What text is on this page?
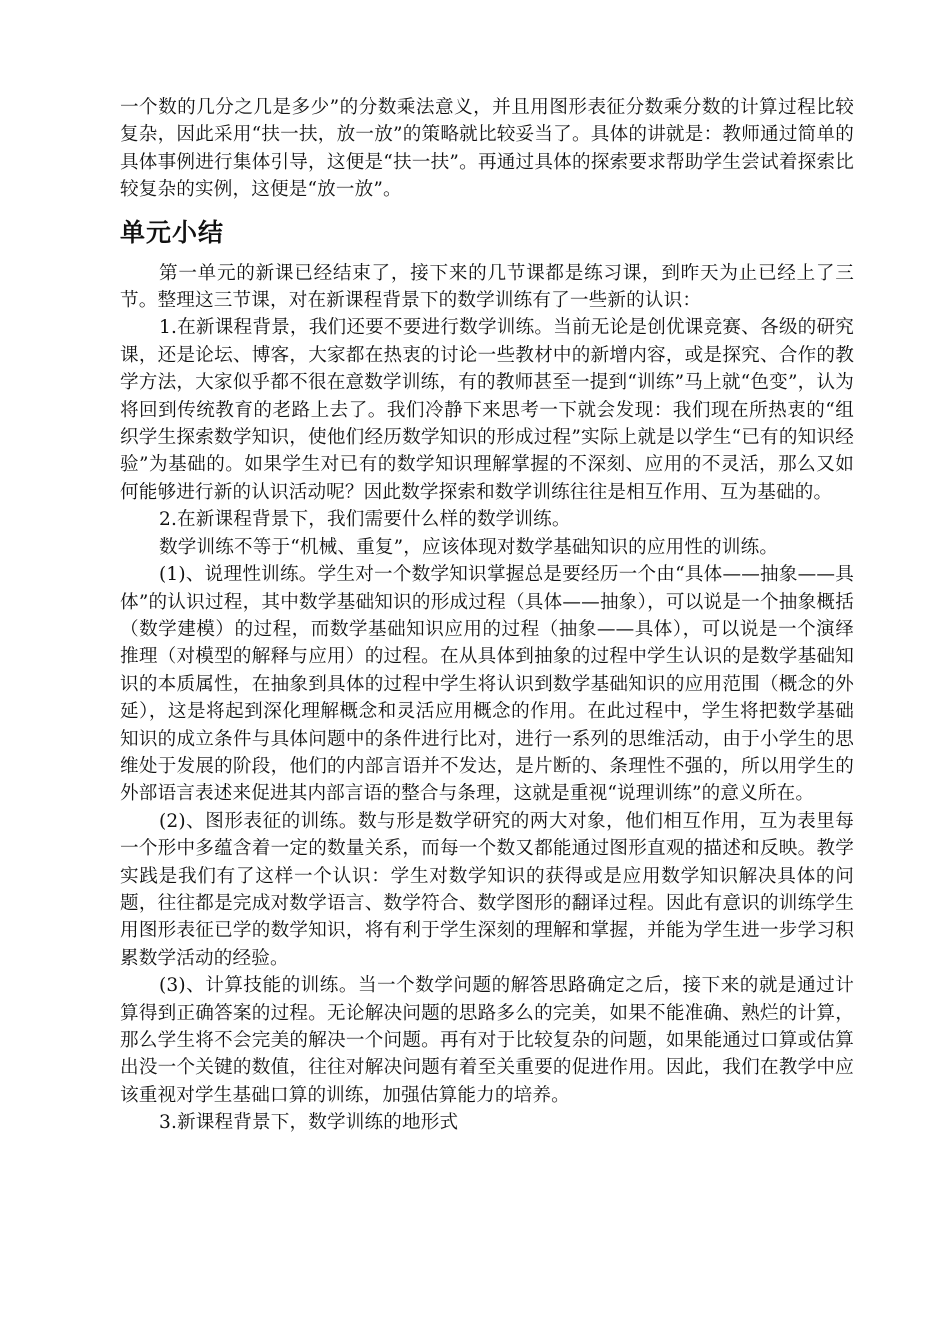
一个数的几分之几是多少”的分数乘法意义，并且用图形表征分数乘分数的计算过程比较复杂，因此采用“扶一扶，放一放”的策略就比较妥当了。具体的讲就是：教师通过简单的具体事例进行集体引导，这便是“扶一扶”。再通过具体的探索要求帮助学生尝试着探索比较复杂的实例，这便是“放一放”。

单元小结

第一单元的新课已经结束了，接下来的几节课都是练习课，到昨天为止已经上了三节。整理这三节课，对在新课程背景下的数学训练有了一些新的认识：

1.在新课程背景，我们还要不要进行数学训练。当前无论是创优课竞赛、各级的研究课，还是论坛、博客，大家都在热衷的讨论一些教材中的新增内容，或是探究、合作的教学方法，大家似乎都不很在意数学训练，有的教师甚至一提到“训练”马上就“色变”，认为将回到传统教育的老路上去了。我们冷静下来思考一下就会发现：我们现在所热衷的“组织学生探索数学知识，使他们经历数学知识的形成过程”实际上就是以学生“已有的知识经验”为基础的。如果学生对已有的数学知识理解掌握的不深刻、应用的不灵活，那么又如何能够进行新的认识活动呢？因此数学探索和数学训练往往是相互作用、互为基础的。

2.在新课程背景下，我们需要什么样的数学训练。

数学训练不等于“机械、重复”，应该体现对数学基础知识的应用性的训练。

(1)、说理性训练。学生对一个数学知识掌握总是要经历一个由“具体——抽象——具体”的认识过程，其中数学基础知识的形成过程（具体——抽象），可以说是一个抽象概括（数学建模）的过程，而数学基础知识应用的过程（抽象——具体），可以说是一个演绎推理（对模型的解释与应用）的过程。在从具体到抽象的过程中学生认识的是数学基础知识的本质属性，在抽象到具体的过程中学生将认识到数学基础知识的应用范围（概念的外延），这是将起到深化理解概念和灵活应用概念的作用。在此过程中，学生将把数学基础知识的成立条件与具体问题中的条件进行比对，进行一系列的思维活动，由于小学生的思维处于发展的阶段，他们的内部言语并不发达，是片断的、条理性不强的，所以用学生的外部语言表述来促进其内部言语的整合与条理，这就是重视“说理训练”的意义所在。

(2)、图形表征的训练。数与形是数学研究的两大对象，他们相互作用，互为表里每一个形中多蕴含着一定的数量关系，而每一个数又都能通过图形直观的描述和反映。教学实践是我们有了这样一个认识：学生对数学知识的获得或是应用数学知识解决具体的问题，往往都是完成对数学语言、数学符合、数学图形的翻译过程。因此有意识的训练学生用图形表征已学的数学知识，将有利于学生深刻的理解和掌握，并能为学生进一步学习积累数学活动的经验。

(3)、计算技能的训练。当一个数学问题的解答思路确定之后，接下来的就是通过计算得到正确答案的过程。无论解决问题的思路多么的完美，如果不能准确、熟烂的计算，那么学生将不会完美的解决一个问题。再有对于比较复杂的问题，如果能通过口算或估算出没一个关键的数值，往往对解决问题有着至关重要的促进作用。因此，我们在教学中应该重视对学生基础口算的训练，加强估算能力的培养。

3.新课程背景下，数学训练的地形式
